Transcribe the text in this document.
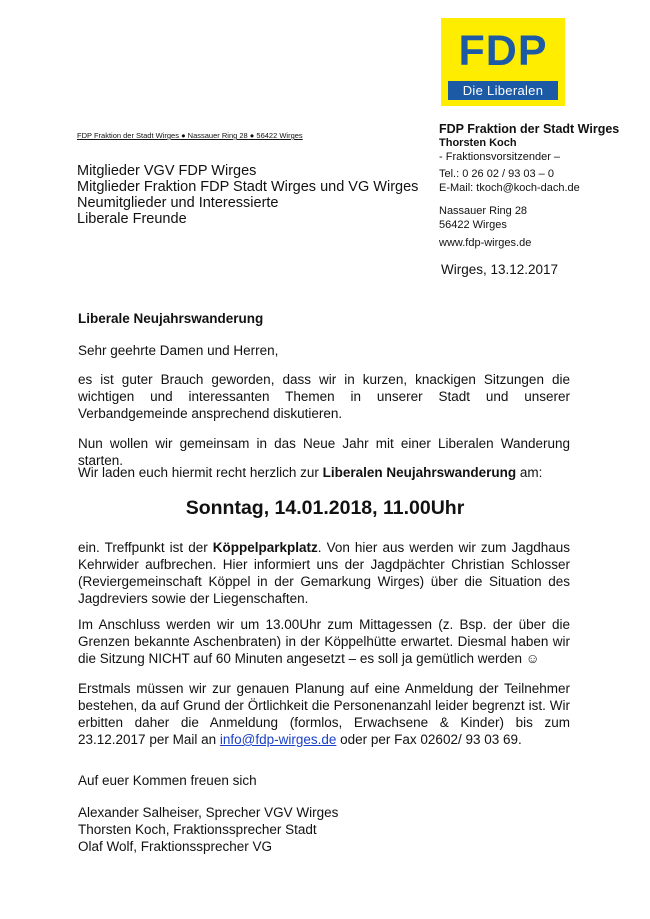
FDP
Die Liberalen
FDP Fraktion der Stadt Wirges ● Nassauer Ring 28 ● 56422 Wirges
Mitglieder VGV FDP Wirges
Mitglieder Fraktion FDP Stadt Wirges und VG Wirges
Neumitglieder und Interessierte
Liberale Freunde
FDP Fraktion der Stadt Wirges
Thorsten Koch
- Fraktionsvorsitzender –
Tel.: 0 26 02 / 93 03 – 0
E-Mail: tkoch@koch-dach.de
Nassauer Ring 28
56422 Wirges
www.fdp-wirges.de
Wirges, 13.12.2017
Liberale Neujahrswanderung
Sehr geehrte Damen und Herren,
es ist guter Brauch geworden, dass wir in kurzen, knackigen Sitzungen die wichtigen und interessanten Themen in unserer Stadt und unserer Verbandgemeinde ansprechend diskutieren.
Nun wollen wir gemeinsam in das Neue Jahr mit einer Liberalen Wanderung starten.
Wir laden euch hiermit recht herzlich zur Liberalen Neujahrswanderung am:
Sonntag, 14.01.2018, 11.00Uhr
ein. Treffpunkt ist der Köppelparkplatz. Von hier aus werden wir zum Jagdhaus Kehrwider aufbrechen. Hier informiert uns der Jagdpächter Christian Schlosser (Reviergemeinschaft Köppel in der Gemarkung Wirges) über die Situation des Jagdreviers sowie der Liegenschaften.
Im Anschluss werden wir um 13.00Uhr zum Mittagessen (z. Bsp. der über die Grenzen bekannte Aschenbraten) in der Köppelhütte erwartet. Diesmal haben wir die Sitzung NICHT auf 60 Minuten angesetzt – es soll ja gemütlich werden ☺
Erstmals müssen wir zur genauen Planung auf eine Anmeldung der Teilnehmer bestehen, da auf Grund der Örtlichkeit die Personenanzahl leider begrenzt ist. Wir erbitten daher die Anmeldung (formlos, Erwachsene & Kinder) bis zum 23.12.2017 per Mail an info@fdp-wirges.de oder per Fax 02602/ 93 03 69.
Auf euer Kommen freuen sich
Alexander Salheiser, Sprecher VGV Wirges
Thorsten Koch, Fraktionssprecher Stadt
Olaf Wolf, Fraktionssprecher VG
